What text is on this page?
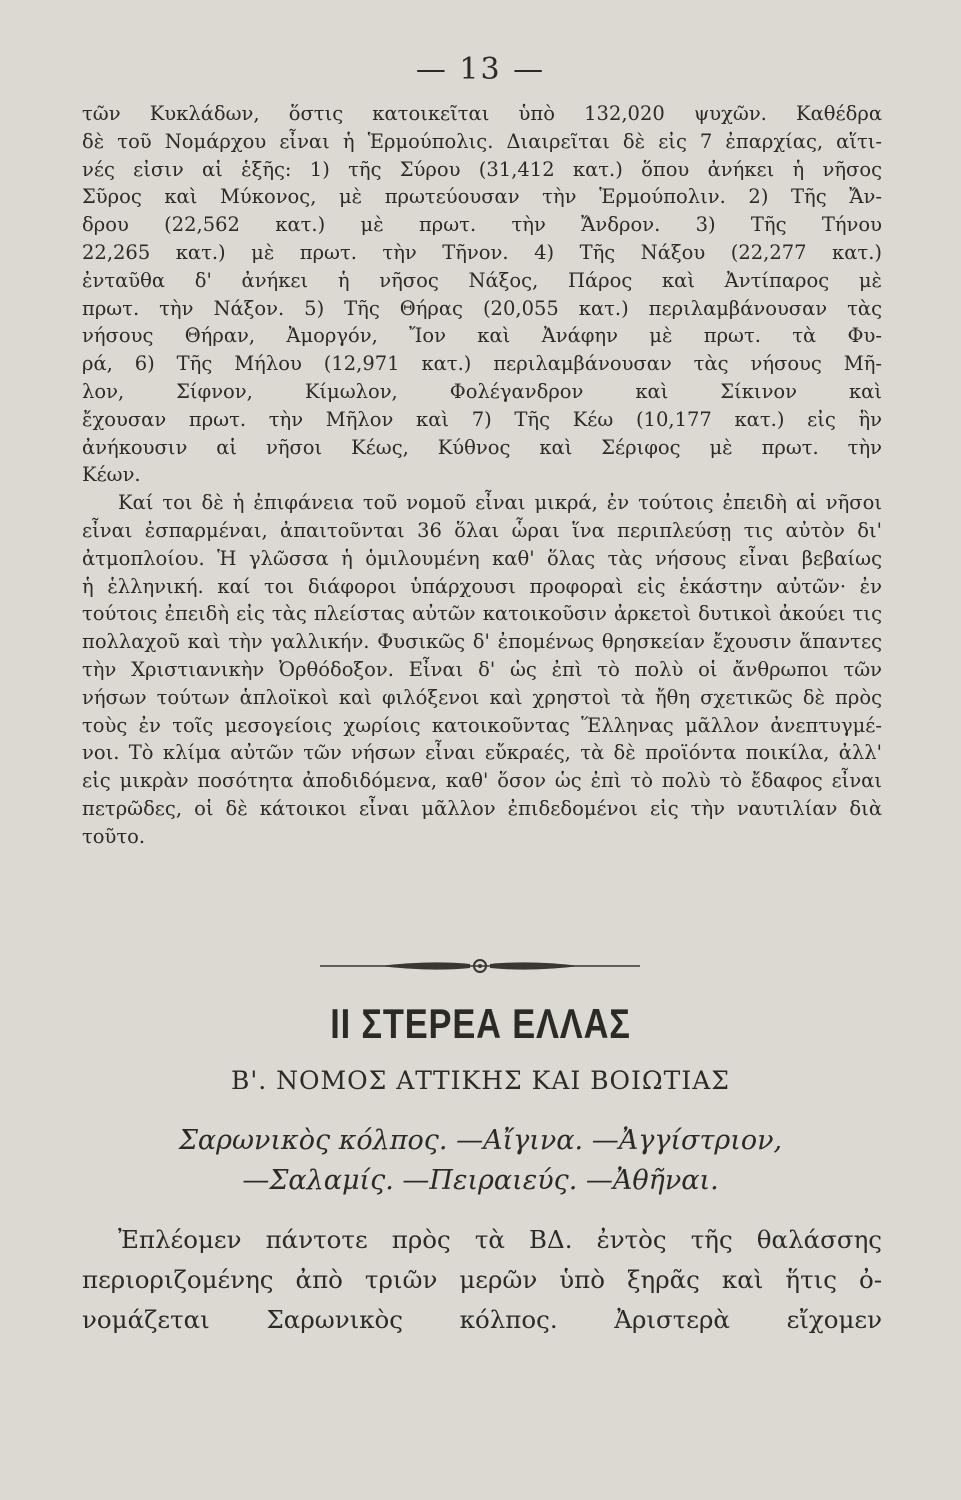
— 13 —
τῶν Κυκλάδων, ὅστις κατοικεῖται ὑπὸ 132,020 ψυχῶν. Καθέδρα
δὲ τοῦ Νομάρχου εἶναι ἡ Ἑρμούπολις. Διαιρεῖται δὲ εἰς 7 ἐπαρχίας, αἵτι-
νές εἰσιν αἱ ἑξῆς: 1) τῆς Σύρου (31,412 κατ.) ὅπου ἀνήκει ἡ νῆσος
Σῦρος καὶ Μύκονος, μὲ πρωτεύουσαν τὴν Ἑρμούπολιν. 2) Τῆς Ἄν-
δρου (22,562 κατ.) μὲ πρωτ. τὴν Ἄνδρον. 3) Τῆς Τήνου
22,265 κατ.) μὲ πρωτ. τὴν Τῆνον. 4) Τῆς Νάξου (22,277 κατ.)
ἐνταῦθα δ' ἀνήκει ἡ νῆσος Νάξος, Πάρος καὶ Ἀντίπαρος μὲ
πρωτ. τὴν Νάξον. 5) Τῆς Θήρας (20,055 κατ.) περιλαμβάνουσαν τὰς
νήσους Θήραν, Ἀμοργόν, Ἴον καὶ Ἀνάφην μὲ πρωτ. τὰ Φυ-
ρά, 6) Τῆς Μήλου (12,971 κατ.) περιλαμβάνουσαν τὰς νήσους Μῆ-
λον, Σίφνον, Κίμωλον, Φολέγανδρον καὶ Σίκινον καὶ
ἔχουσαν πρωτ. τὴν Μῆλον καὶ 7) Τῆς Κέω (10,177 κατ.) εἰς ἣν
ἀνήκουσιν αἱ νῆσοι Κέως, Κύθνος καὶ Σέριφος μὲ πρωτ. τὴν
Κέων.
Καί τοι δὲ ἡ ἐπιφάνεια τοῦ νομοῦ εἶναι μικρά, ἐν τούτοις ἐπειδὴ αἱ νῆσοι
εἶναι ἐσπαρμέναι, ἀπαιτοῦνται 36 ὅλαι ὧραι ἵνα περιπλεύσῃ τις αὐτὸν δι'
ἀτμοπλοίου. Ἡ γλῶσσα ἡ ὁμιλουμένη καθ' ὅλας τὰς νήσους εἶναι βεβαίως
ἡ ἑλληνική. καί τοι διάφοροι ὑπάρχουσι προφοραὶ εἰς ἑκάστην αὐτῶν· ἐν
τούτοις ἐπειδὴ εἰς τὰς πλείστας αὐτῶν κατοικοῦσιν ἀρκετοὶ δυτικοὶ ἀκούει τις
πολλαχοῦ καὶ τὴν γαλλικήν. Φυσικῶς δ' ἐπομένως θρησκείαν ἔχουσιν ἅπαντες
τὴν Χριστιανικὴν Ὀρθόδοξον. Εἶναι δ' ὡς ἐπὶ τὸ πολὺ οἱ ἄνθρωποι τῶν
νήσων τούτων ἁπλοϊκοὶ καὶ φιλόξενοι καὶ χρηστοὶ τὰ ἤθη σχετικῶς δὲ πρὸς
τοὺς ἐν τοῖς μεσογείοις χωρίοις κατοικοῦντας Ἕλληνας μᾶλλον ἀνεπτυγμέ-
νοι. Τὸ κλίμα αὐτῶν τῶν νήσων εἶναι εὔκραές, τὰ δὲ προϊόντα ποικίλα, ἀλλ'
εἰς μικρὰν ποσότητα ἀποδιδόμενα, καθ' ὅσον ὡς ἐπὶ τὸ πολὺ τὸ ἔδαφος εἶναι
πετρῶδες, οἱ δὲ κάτοικοι εἶναι μᾶλλον ἐπιδεδομένοι εἰς τὴν ναυτιλίαν διὰ
τοῦτο.
II ΣΤΕΡΕΑ ΕΛΛΑΣ
Β'. ΝΟΜΟΣ ΑΤΤΙΚΗΣ ΚΑΙ ΒΟΙΩΤΙΑΣ
Σαρωνικὸς κόλπος. —Αἴγινα. —Ἀγγίστριον,
—Σαλαμίς. —Πειραιεύς. —Ἀθῆναι.
Ἐπλέομεν πάντοτε πρὸς τὰ ΒΔ. ἐντὸς τῆς θαλάσσης
περιοριζομένης ἀπὸ τριῶν μερῶν ὑπὸ ξηρᾶς καὶ ἥτις ὀ-
νομάζεται Σαρωνικὸς κόλπος. Ἀριστερὰ εἴχομεν
